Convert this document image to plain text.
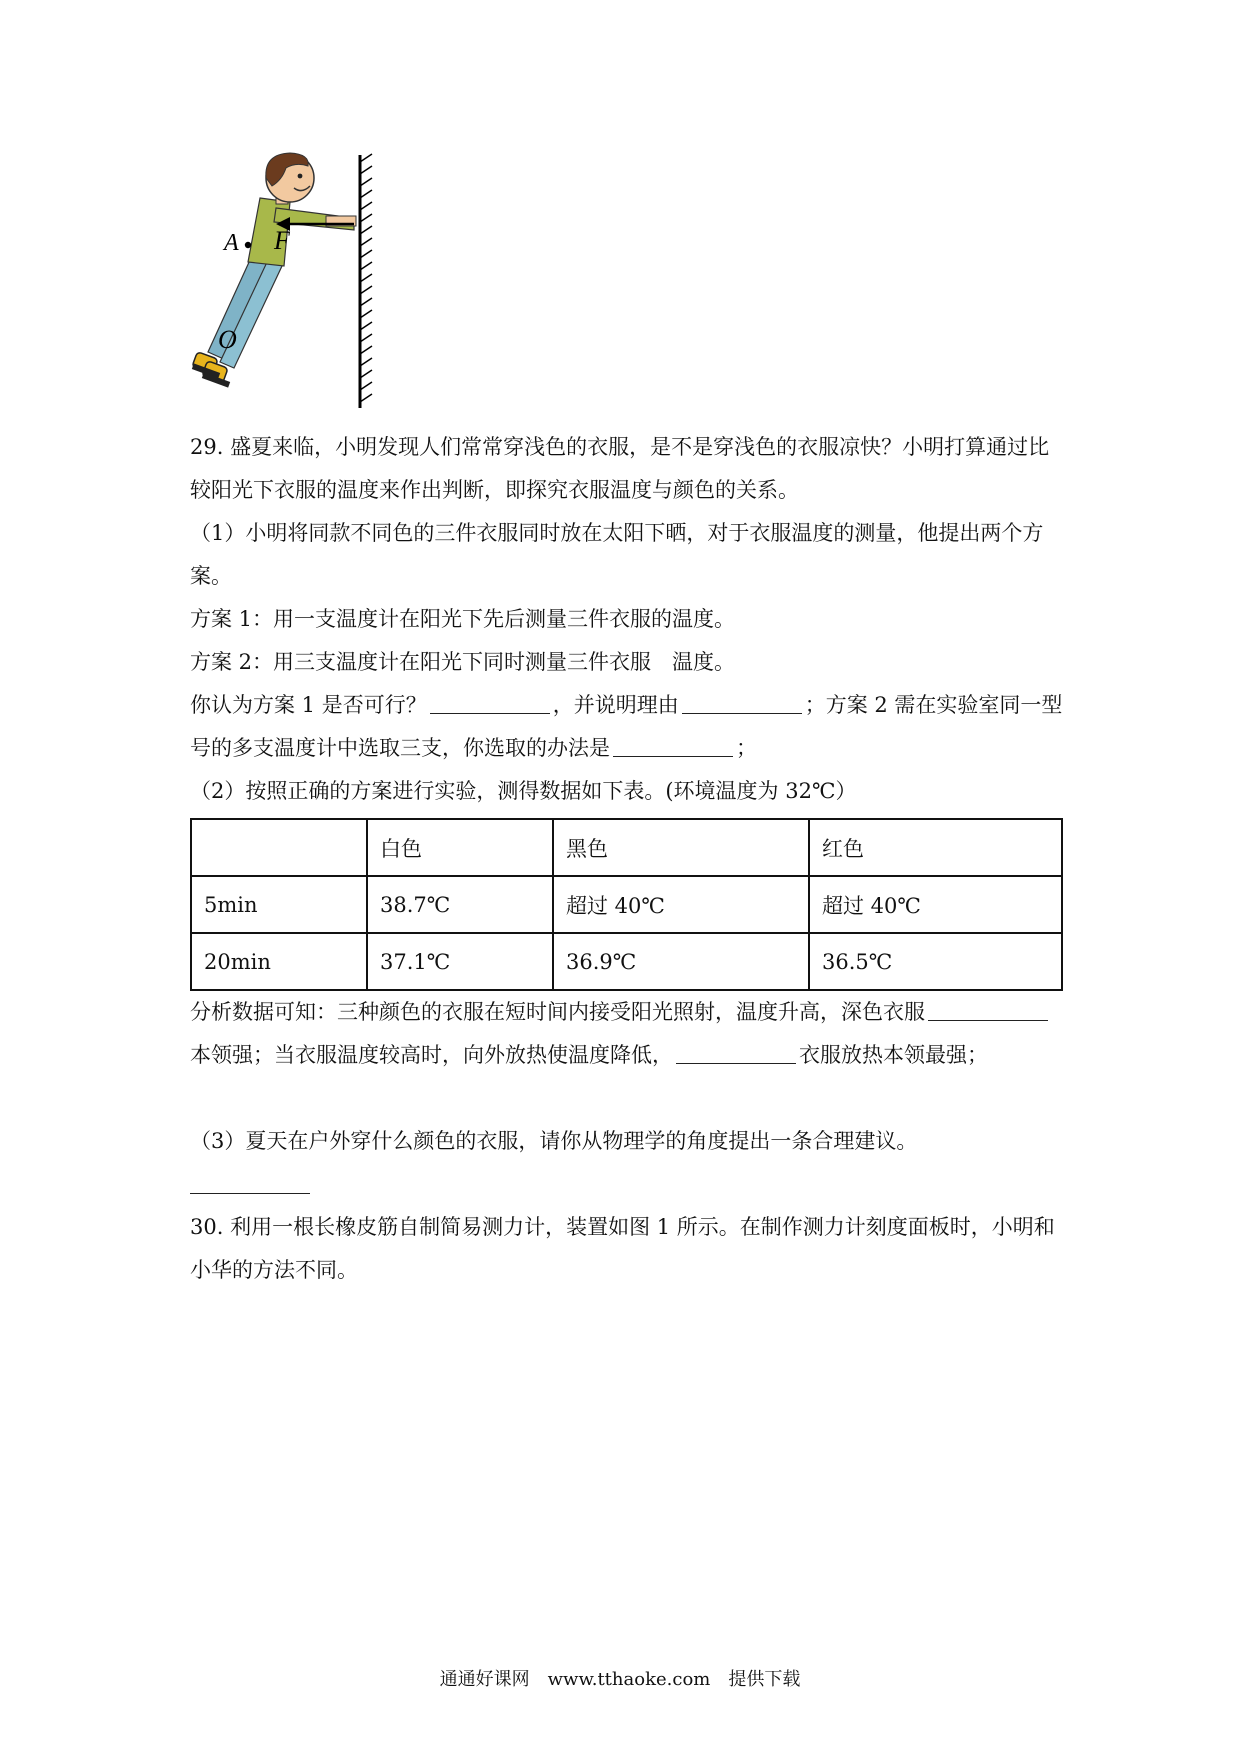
A F
O

29. 盛夏来临，小明发现人们常常穿浅色的衣服，是不是穿浅色的衣服凉快？小明打算通过比较阳光下衣服的温度来作出判断，即探究衣服温度与颜色的关系。

（1）小明将同款不同色的三件衣服同时放在太阳下晒，对于衣服温度的测量，他提出两个方案。

方案 1：用一支温度计在阳光下先后测量三件衣服的温度。

方案 2：用三支温度计在阳光下同时测量三件衣服　温度。

你认为方案 1 是否可行？	，并说明理由	；方案 2 需在实验室同一型号的多支温度计中选取三支，你选取的办法是	；

（2）按照正确的方案进行实验，测得数据如下表。(环境温度为 32℃）

	白色	黑色	红色
5min	38.7℃	超过 40℃	超过 40℃
20min	37.1℃	36.9℃	36.5℃

分析数据可知：三种颜色的衣服在短时间内接受阳光照射，温度升高，深色衣服本领强；当衣服温度较高时，向外放热使温度降低，	衣服放热本领最强；

（3）夏天在户外穿什么颜色的衣服，请你从物理学的角度提出一条合理建议。

30. 利用一根长橡皮筋自制简易测力计，装置如图 1 所示。在制作测力计刻度面板时，小明和小华的方法不同。

通通好课网　www.tthaoke.com　提供下载
